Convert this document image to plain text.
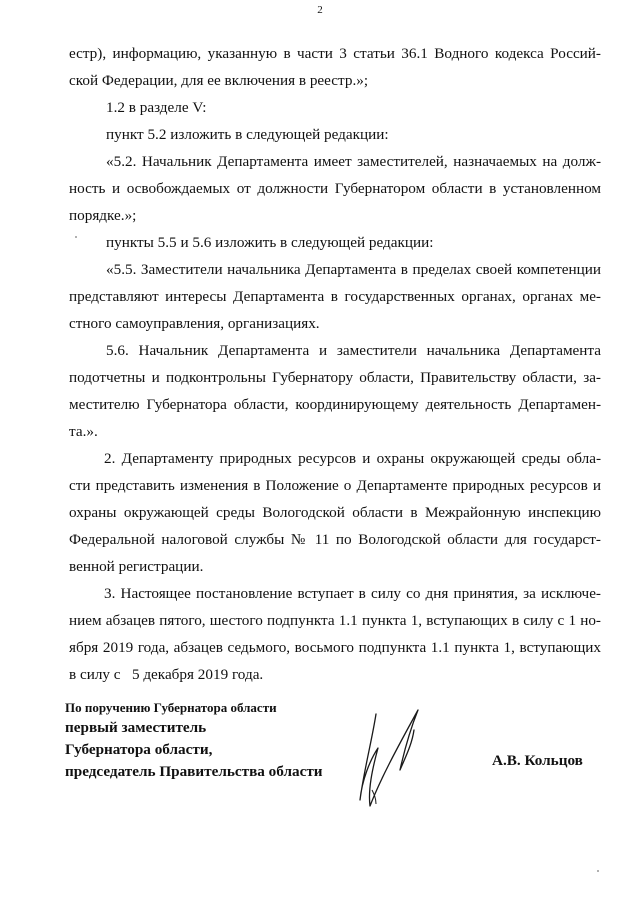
2
естр), информацию, указанную в части 3 статьи 36.1 Водного кодекса Россий-
ской Федерации, для ее включения в реестр.»;
1.2 в разделе V:
пункт 5.2 изложить в следующей редакции:
«5.2. Начальник Департамента имеет заместителей, назначаемых на долж-
ность и освобождаемых от должности Губернатором области в установленном
порядке.»;
пункты 5.5 и 5.6 изложить в следующей редакции:
«5.5. Заместители начальника Департамента в пределах своей компетенции
представляют интересы Департамента в государственных органах, органах ме-
стного самоуправления, организациях.
5.6. Начальник Департамента и заместители начальника Департамента
подотчетны и подконтрольны Губернатору области, Правительству области, за-
местителю Губернатора области, координирующему деятельность Департамен-
та.».
2. Департаменту природных ресурсов и охраны окружающей среды обла-
сти представить изменения в Положение о Департаменте природных ресурсов и
охраны окружающей среды Вологодской области в Межрайонную инспекцию
Федеральной налоговой службы № 11 по Вологодской области для государст-
венной регистрации.
3. Настоящее постановление вступает в силу со дня принятия, за исключе-
нием абзацев пятого, шестого подпункта 1.1 пункта 1, вступающих в силу с 1 но-
ября 2019 года, абзацев седьмого, восьмого подпункта 1.1 пункта 1, вступающих
в силу с   5 декабря 2019 года.
По поручению Губернатора области
первый заместитель
Губернатора области,
председатель Правительства области
А.В. Кольцов
